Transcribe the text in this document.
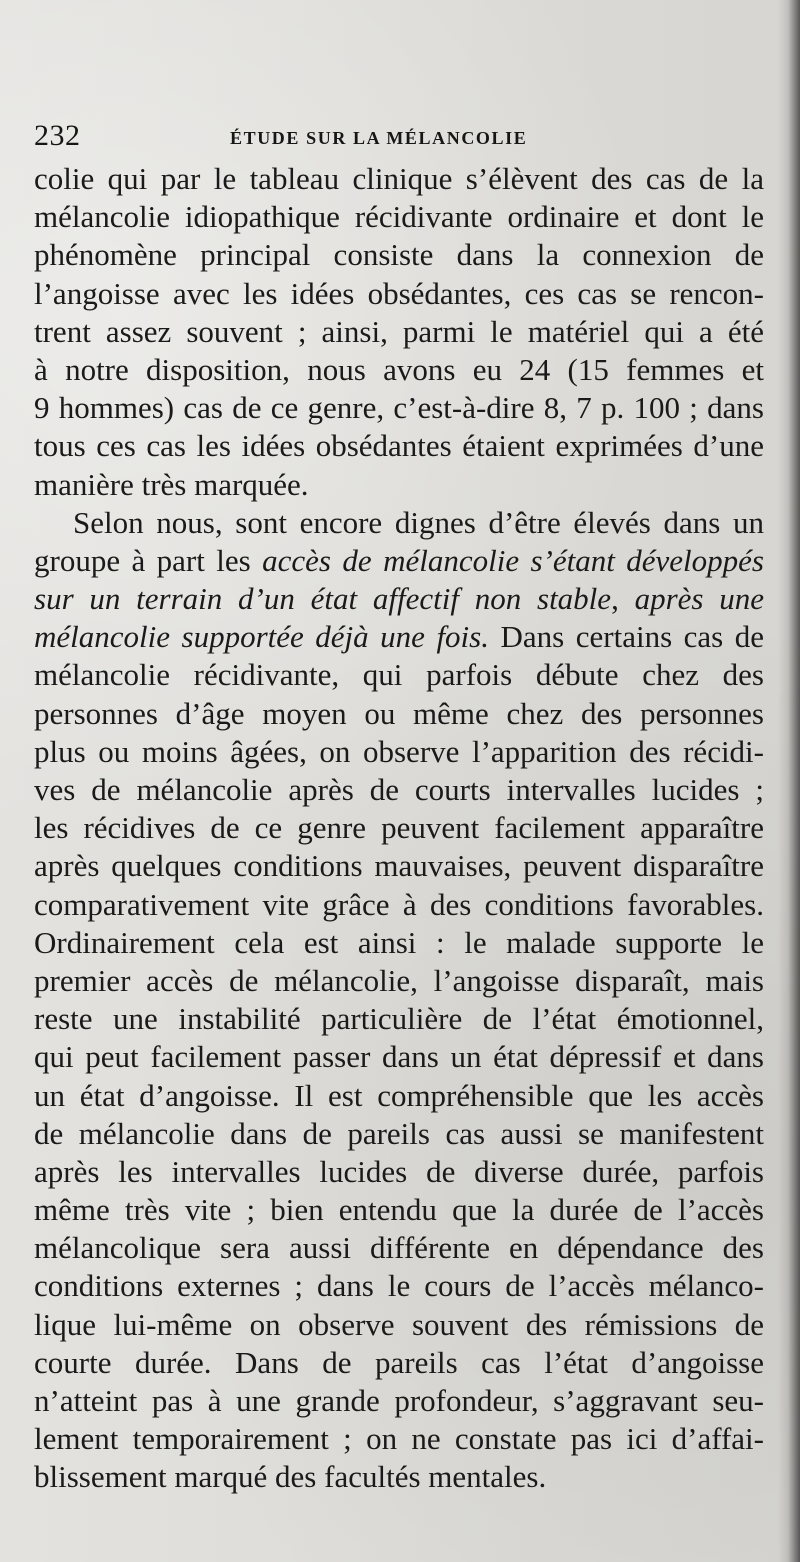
232	ÉTUDE SUR LA MÉLANCOLIE
colie qui par le tableau clinique s’élèvent des cas de la
mélancolie idiopathique récidivante ordinaire et dont le
phénomène principal consiste dans la connexion de
l’angoisse avec les idées obsédantes, ces cas se rencon-
trent assez souvent ; ainsi, parmi le matériel qui a été
à notre disposition, nous avons eu 24 (15 femmes et
9 hommes) cas de ce genre, c’est-à-dire 8, 7 p. 100 ; dans
tous ces cas les idées obsédantes étaient exprimées d’une
manière très marquée.
Selon nous, sont encore dignes d’être élevés dans un
groupe à part les accès de mélancolie s’étant développés
sur un terrain d’un état affectif non stable, après une
mélancolie supportée déjà une fois. Dans certains cas de
mélancolie récidivante, qui parfois débute chez des
personnes d’âge moyen ou même chez des personnes
plus ou moins âgées, on observe l’apparition des récidi-
ves de mélancolie après de courts intervalles lucides ;
les récidives de ce genre peuvent facilement apparaître
après quelques conditions mauvaises, peuvent disparaître
comparativement vite grâce à des conditions favorables.
Ordinairement cela est ainsi : le malade supporte le
premier accès de mélancolie, l’angoisse disparaît, mais
reste une instabilité particulière de l’état émotionnel,
qui peut facilement passer dans un état dépressif et dans
un état d’angoisse. Il est compréhensible que les accès
de mélancolie dans de pareils cas aussi se manifestent
après les intervalles lucides de diverse durée, parfois
même très vite ; bien entendu que la durée de l’accès
mélancolique sera aussi différente en dépendance des
conditions externes ; dans le cours de l’accès mélanco-
lique lui-même on observe souvent des rémissions de
courte durée. Dans de pareils cas l’état d’angoisse
n’atteint pas à une grande profondeur, s’aggravant seu-
lement temporairement ; on ne constate pas ici d’affai-
blissement marqué des facultés mentales.
